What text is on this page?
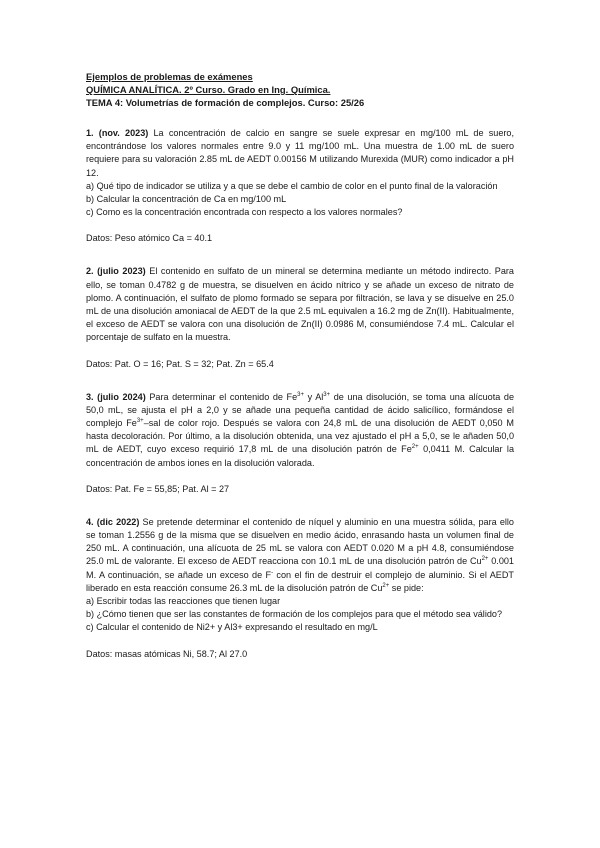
Ejemplos de problemas de exámenes
QUÍMICA ANALÍTICA. 2º Curso. Grado en Ing. Química.
TEMA 4: Volumetrías de formación de complejos. Curso: 25/26

1. (nov. 2023) La concentración de calcio en sangre se suele expresar en mg/100 mL de suero, encontrándose los valores normales entre 9.0 y 11 mg/100 mL. Una muestra de 1.00 mL de suero requiere para su valoración 2.85 mL de AEDT 0.00156 M utilizando Murexida (MUR) como indicador a pH 12.

a) Qué tipo de indicador se utiliza y a que se debe el cambio de color en el punto final de la valoración

b) Calcular la concentración de Ca en mg/100 mL

c) Como es la concentración encontrada con respecto a los valores normales?

Datos: Peso atómico Ca = 40.1

2. (julio 2023) El contenido en sulfato de un mineral se determina mediante un método indirecto. Para ello, se toman 0.4782 g de muestra, se disuelven en ácido nítrico y se añade un exceso de nitrato de plomo. A continuación, el sulfato de plomo formado se separa por filtración, se lava y se disuelve en 25.0 mL de una disolución amoniacal de AEDT de la que 2.5 mL equivalen a 16.2 mg de Zn(II). Habitualmente, el exceso de AEDT se valora con una disolución de Zn(II) 0.0986 M, consumiéndose 7.4 mL. Calcular el porcentaje de sulfato en la muestra.

Datos: Pat. O = 16; Pat. S = 32; Pat. Zn = 65.4

3. (julio 2024) Para determinar el contenido de $Fe^{3+}$ y $Al^{3+}$ de una disolución, se toma una alícuota de 50,0 mL, se ajusta el pH a 2,0 y se añade una pequeña cantidad de ácido salicílico, formándose el complejo $Fe^{3+}$–sal de color rojo. Después se valora con 24,8 mL de una disolución de AEDT 0,050 M hasta decoloración. Por último, a la disolución obtenida, una vez ajustado el pH a 5,0, se le añaden 50,0 mL de AEDT, cuyo exceso requirió 17,8 mL de una disolución patrón de $Fe^{2+}$ 0,0411 M. Calcular la concentración de ambos iones en la disolución valorada.

Datos: Pat. Fe = 55,85; Pat. Al = 27

4. (dic 2022) Se pretende determinar el contenido de níquel y aluminio en una muestra sólida, para ello se toman 1.2556 g de la misma que se disuelven en medio ácido, enrasando hasta un volumen final de 250 mL. A continuación, una alícuota de 25 mL se valora con AEDT 0.020 M a pH 4.8, consumiéndose 25.0 mL de valorante. El exceso de AEDT reacciona con 10.1 mL de una disolución patrón de $Cu^{2+}$ 0.001 M. A continuación, se añade un exceso de F- con el fin de destruir el complejo de aluminio. Si el AEDT liberado en esta reacción consume 26.3 mL de la disolución patrón de $Cu^{2+}$ se pide:

a) Escribir todas las reacciones que tienen lugar

b) ¿Cómo tienen que ser las constantes de formación de los complejos para que el método sea válido?

c) Calcular el contenido de Ni2+ y Al3+ expresando el resultado en mg/L

Datos: masas atómicas Ni, 58.7; Al 27.0
